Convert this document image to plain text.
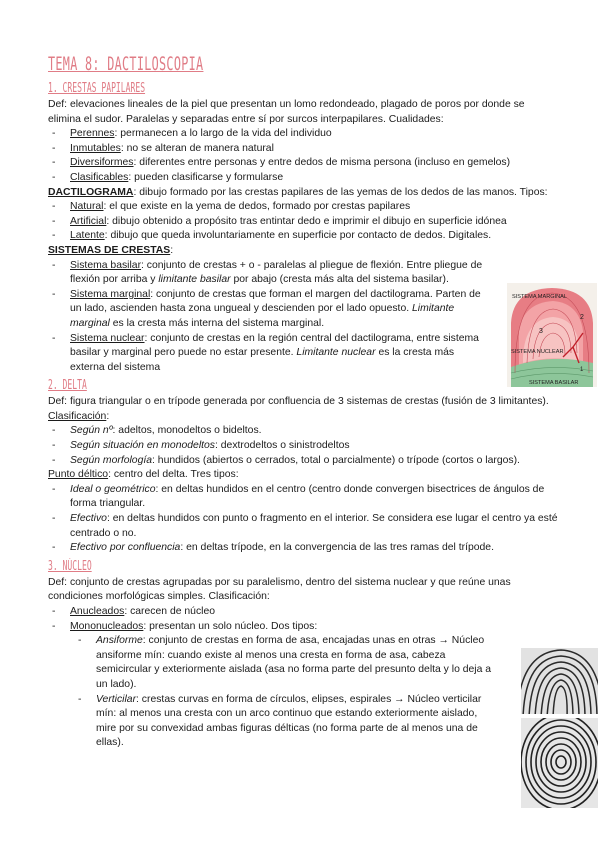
TEMA 8: DACTILOSCOPIA
1. CRESTAS PAPILARES

Def: elevaciones lineales de la piel que presentan un lomo redondeado, plagado de poros por donde se elimina el sudor. Paralelas y separadas entre sí por surcos interpapilares. Cualidades:

- Perennes: permanecen a lo largo de la vida del individuo
- Inmutables: no se alteran de manera natural
- Diversiformes: diferentes entre personas y entre dedos de misma persona (incluso en gemelos)
- Clasificables: pueden clasificarse y formularse

DACTILOGRAMA: dibujo formado por las crestas papilares de las yemas de los dedos de las manos. Tipos:

- Natural: el que existe en la yema de dedos, formado por crestas papilares
- Artificial: dibujo obtenido a propósito tras entintar dedo e imprimir el dibujo en superficie idónea
- Latente: dibujo que queda involuntariamente en superficie por contacto de dedos. Digitales.

SISTEMAS DE CRESTAS:

- Sistema basilar: conjunto de crestas + o - paralelas al pliegue de flexión. Entre pliegue de flexión por arriba y limitante basilar por abajo (cresta más alta del sistema basilar).
- Sistema marginal: conjunto de crestas que forman el margen del dactilograma. Parten de un lado, ascienden hasta zona ungueal y descienden por el lado opuesto. Limitante marginal es la cresta más interna del sistema marginal.
- Sistema nuclear: conjunto de crestas en la región central del dactilograma, entre sistema basilar y marginal pero puede no estar presente. Limitante nuclear es la cresta más externa del sistema
2. DELTA

Def: figura triangular o en trípode generada por confluencia de 3 sistemas de crestas (fusión de 3 limitantes). Clasificación:

- Según nº: adeltos, monodeltos o bideltos.
- Según situación en monodeltos: dextrodeltos o sinistrodeltos
- Según morfología: hundidos (abiertos o cerrados, total o parcialmente) o trípode (cortos o largos).

Punto déltico: centro del delta. Tres tipos:

- Ideal o geométrico: en deltas hundidos en el centro (centro donde convergen bisectrices de ángulos de forma triangular.
- Efectivo: en deltas hundidos con punto o fragmento en el interior. Se considera ese lugar el centro ya esté centrado o no.
- Efectivo por confluencia: en deltas trípode, en la convergencia de las tres ramas del trípode.
3. NÚCLEO

Def: conjunto de crestas agrupadas por su paralelismo, dentro del sistema nuclear y que reúne unas condiciones morfológicas simples. Clasificación:

- Anucleados: carecen de núcleo
- Mononucleados: presentan un solo núcleo. Dos tipos:
- Ansiforme: conjunto de crestas en forma de asa, encajadas unas en otras → Núcleo ansiforme mín: cuando existe al menos una cresta en forma de asa, cabeza semicircular y exteriormente aislada (asa no forma parte del presunto delta y lo deja a un lado).
- Verticilar: crestas curvas en forma de círculos, elipses, espirales → Núcleo verticilar mín: al menos una cresta con un arco continuo que estando exteriormente aislado, mire por su convexidad ambas figuras délticas (no forma parte de al menos una de ellas).
SISTEMA MARGINAL
SISTEMA NUCLEAR
SISTEMA BASILAR
1
2
3
